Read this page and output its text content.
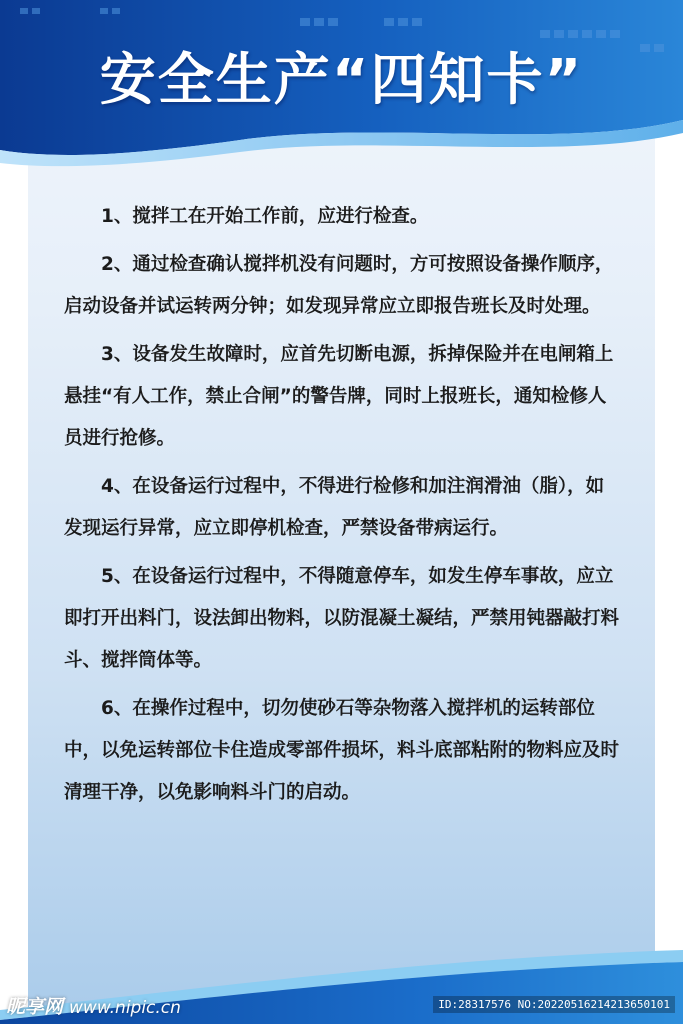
安全生产“四知卡”

1、搅拌工在开始工作前，应进行检查。

2、通过检查确认搅拌机没有问题时，方可按照设备操作顺序，启动设备并试运转两分钟；如发现异常应立即报告班长及时处理。

3、设备发生故障时，应首先切断电源，拆掉保险并在电闸箱上悬挂“有人工作，禁止合闸”的警告牌，同时上报班长，通知检修人员进行抢修。

4、在设备运行过程中，不得进行检修和加注润滑油（脂），如发现运行异常，应立即停机检查，严禁设备带病运行。

5、在设备运行过程中，不得随意停车，如发生停车事故，应立即打开出料门，设法卸出物料，以防混凝土凝结，严禁用钝器敲打料斗、搅拌筒体等。

6、在操作过程中，切勿使砂石等杂物落入搅拌机的运转部位中，以免运转部位卡住造成零部件损坏，料斗底部粘附的物料应及时清理干净，以免影响料斗门的启动。

昵享网 www.nipic.cn	ID:28317576 NO:20220516214213650101
